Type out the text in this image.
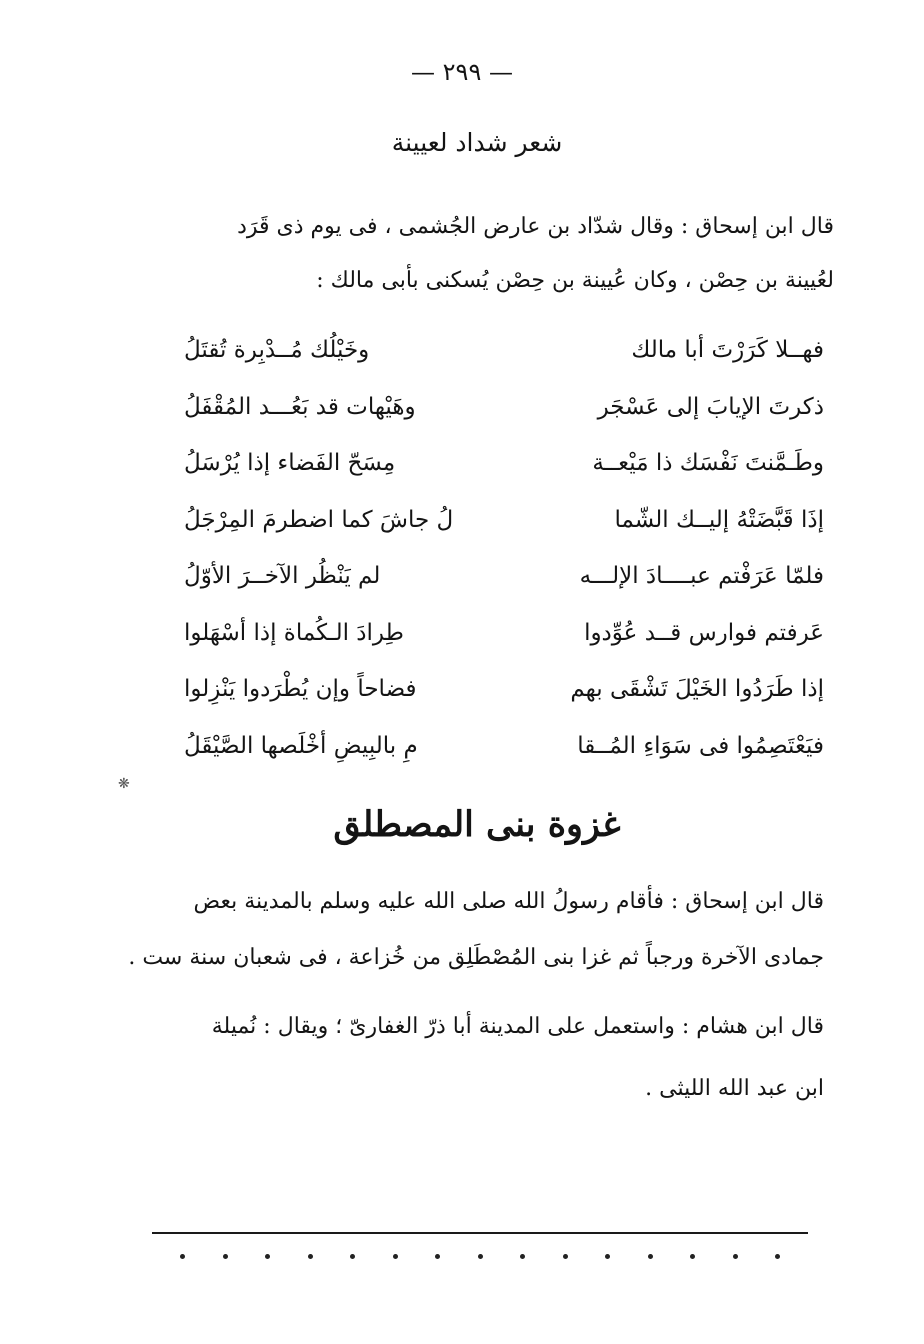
— ٢٩٩ —
شعر شداد لعيينة
قال ابن إسحاق : وقال شدّاد بن عارض الجُشمى ، فى يوم ذى قَرَد
لعُيينة بن حِصْن ، وكان عُيينة بن حِصْن يُسكنى بأبى مالك :
فهــلا كَرَرْتَ أبا مالك
وخَيْلُك مُــدْبِرة تُقتَلُ
ذكرتَ الإيابَ إلى عَسْجَر
وهَيْهات قد بَعُـــد المُقْفَلُ
وطَـمَّنتَ نَفْسَك ذا مَيْعــة
مِسَحّ الفَضاء إذا يُرْسَلُ
إذَا قَبَّضَتْهُ إليــك الشّما
لُ جاشَ كما اضطرمَ المِرْجَلُ
فلمّا عَرَفْتم عبــــادَ الإلـــه
لم يَنْظُر الآخــرَ الأوّلُ
عَرفتم فوارس قــد عُوِّدوا
طِرادَ الـكُماة إذا أسْهَلوا
إذا طَرَدُوا الخَيْلَ تَشْقَى بهم
فضاحاً وإن يُطْرَدوا يَنْزِلوا
فيَعْتَصِمُوا فى سَوَاءِ المُــقا
مِ بالبِيضِ أخْلَصها الصَّيْقَلُ
❋
غزوة بنى المصطلق
قال ابن إسحاق : فأقام رسولُ الله صلى الله عليه وسلم بالمدينة بعض
جمادى الآخرة ورجباً ثم غزا بنى المُصْطَلِق من خُزاعة ، فى شعبان سنة ست .
قال ابن هشام : واستعمل على المدينة أبا ذرّ الغفارىّ ؛ ويقال : نُميلة
ابن عبد الله الليثى .
